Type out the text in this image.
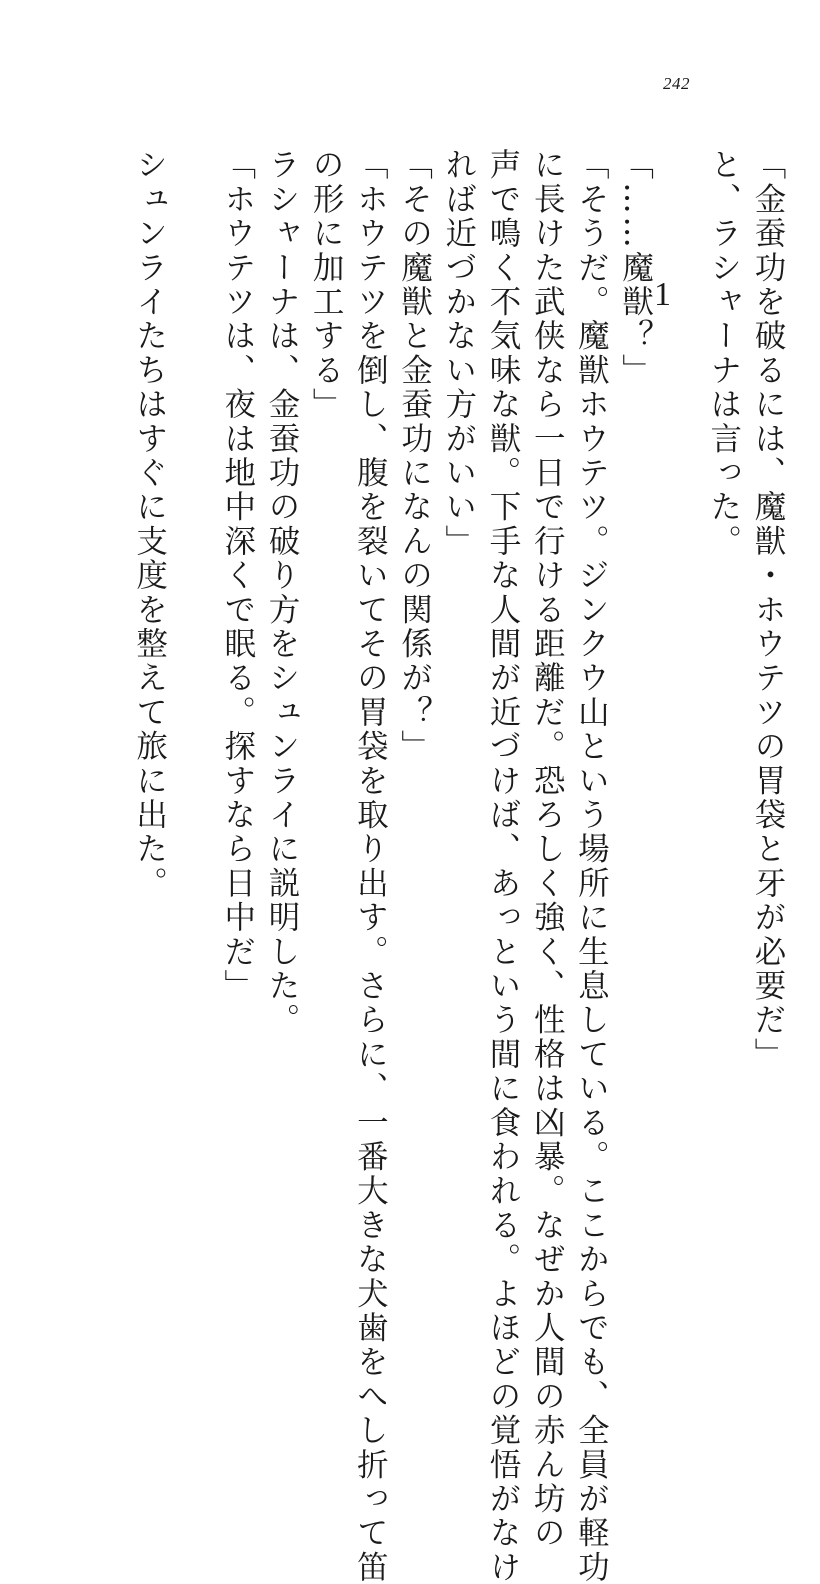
242
1	「金蚕功を破るには、魔獣・ホウテツの胃袋と牙が必要だ」
と、ラシャーナは言った。
「……魔獣？」
「そうだ。魔獣ホウテツ。ジンクウ山という場所に生息している。ここからでも、全員が軽功
に長けた武侠なら一日で行ける距離だ。恐ろしく強く、性格は凶暴。なぜか人間の赤ん坊の
声で鳴く不気味な獣。下手な人間が近づけば、あっという間に食われる。よほどの覚悟がなけ
れば近づかない方がいい」
「その魔獣と金蚕功になんの関係が？」
「ホウテツを倒し、腹を裂いてその胃袋を取り出す。さらに、一番大きな犬歯をへし折って笛
の形に加工する」
ラシャーナは、金蚕功の破り方をシュンライに説明した。
「ホウテツは、夜は地中深くで眠る。探すなら日中だ」
シュンライたちはすぐに支度を整えて旅に出た。
